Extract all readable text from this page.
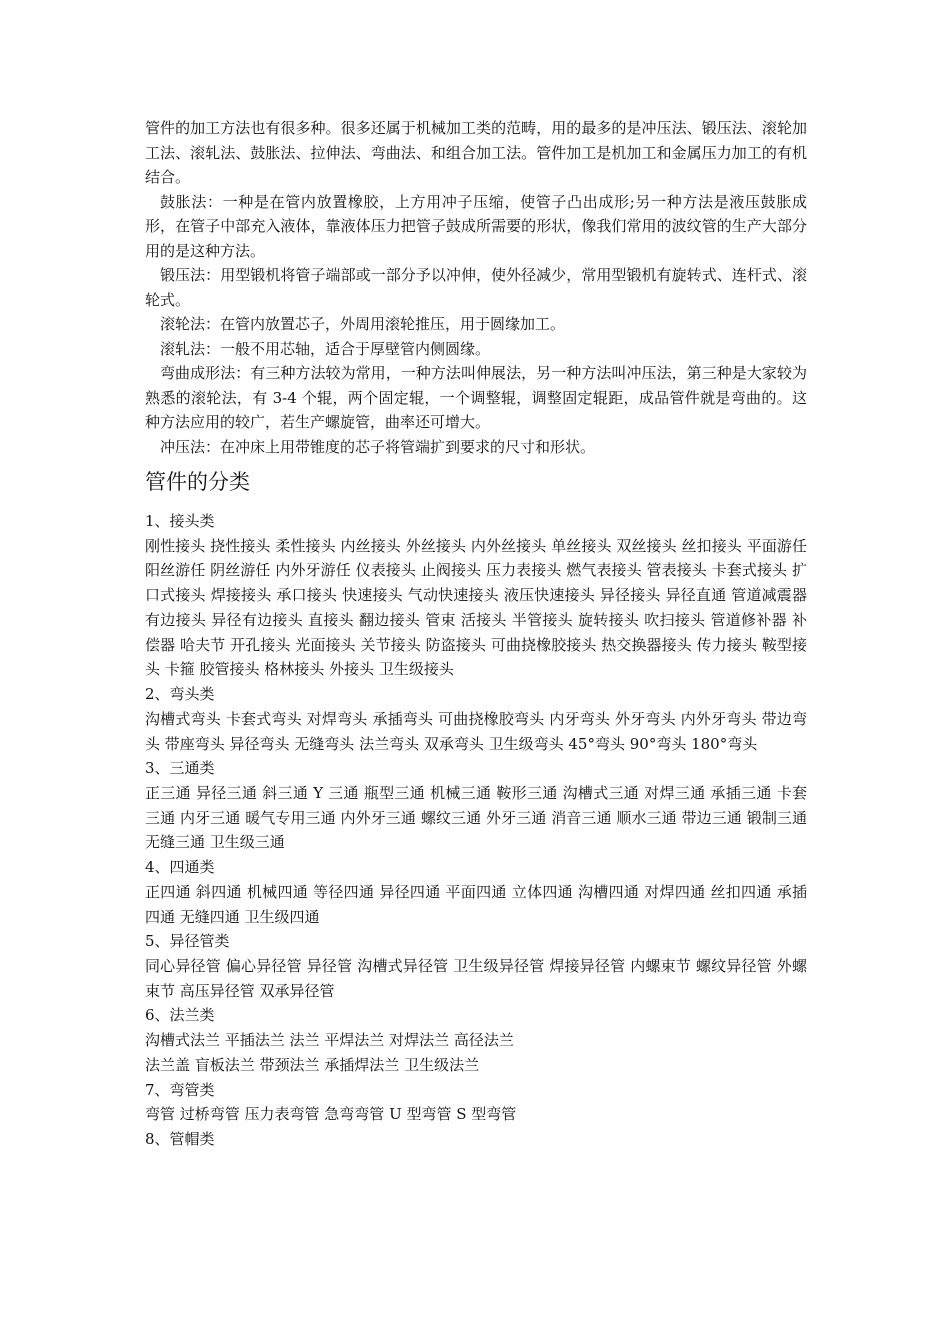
管件的加工方法也有很多种。很多还属于机械加工类的范畴，用的最多的是冲压法、锻压法、滚轮加工法、滚轧法、鼓胀法、拉伸法、弯曲法、和组合加工法。管件加工是机加工和金属压力加工的有机结合。

鼓胀法：一种是在管内放置橡胶，上方用冲子压缩，使管子凸出成形;另一种方法是液压鼓胀成形，在管子中部充入液体，靠液体压力把管子鼓成所需要的形状，像我们常用的波纹管的生产大部分用的是这种方法。

锻压法：用型锻机将管子端部或一部分予以冲伸，使外径减少，常用型锻机有旋转式、连杆式、滚轮式。

滚轮法：在管内放置芯子，外周用滚轮推压，用于圆缘加工。

滚轧法：一般不用芯轴，适合于厚壁管内侧圆缘。

弯曲成形法：有三种方法较为常用，一种方法叫伸展法，另一种方法叫冲压法，第三种是大家较为熟悉的滚轮法，有 3-4 个辊，两个固定辊，一个调整辊，调整固定辊距，成品管件就是弯曲的。这种方法应用的较广，若生产螺旋管，曲率还可增大。

冲压法：在冲床上用带锥度的芯子将管端扩到要求的尺寸和形状。

管件的分类
1、接头类
刚性接头 挠性接头 柔性接头 内丝接头 外丝接头 内外丝接头 单丝接头 双丝接头 丝扣接头 平面游任 阳丝游任 阴丝游任 内外牙游任 仪表接头 止阀接头 压力表接头 燃气表接头 管表接头 卡套式接头 扩口式接头 焊接接头 承口接头 快速接头 气动快速接头 液压快速接头 异径接头 异径直通 管道减震器 有边接头 异径有边接头 直接头 翻边接头 管束 活接头 半管接头 旋转接头 吹扫接头 管道修补器 补偿器 哈夫节 开孔接头 光面接头 关节接头 防盗接头 可曲挠橡胶接头 热交换器接头 传力接头 鞍型接头 卡箍 胶管接头 格林接头 外接头 卫生级接头
2、弯头类
沟槽式弯头 卡套式弯头 对焊弯头 承插弯头 可曲挠橡胶弯头 内牙弯头 外牙弯头 内外牙弯头 带边弯头 带座弯头 异径弯头 无缝弯头 法兰弯头 双承弯头 卫生级弯头 45°弯头 90°弯头 180°弯头
3、三通类
正三通 异径三通 斜三通 Y 三通 瓶型三通 机械三通 鞍形三通 沟槽式三通 对焊三通 承插三通 卡套三通 内牙三通 暖气专用三通 内外牙三通 螺纹三通 外牙三通 消音三通 顺水三通 带边三通 锻制三通 无缝三通 卫生级三通
4、四通类
正四通 斜四通 机械四通 等径四通 异径四通 平面四通 立体四通 沟槽四通 对焊四通 丝扣四通 承插四通 无缝四通 卫生级四通
5、异径管类
同心异径管 偏心异径管 异径管 沟槽式异径管 卫生级异径管 焊接异径管 内螺束节 螺纹异径管 外螺束节 高压异径管 双承异径管
6、法兰类
沟槽式法兰 平插法兰 法兰 平焊法兰 对焊法兰 高径法兰
法兰盖 盲板法兰 带颈法兰 承插焊法兰 卫生级法兰
7、弯管类
弯管 过桥弯管 压力表弯管 急弯弯管 U 型弯管 S 型弯管
8、管帽类
